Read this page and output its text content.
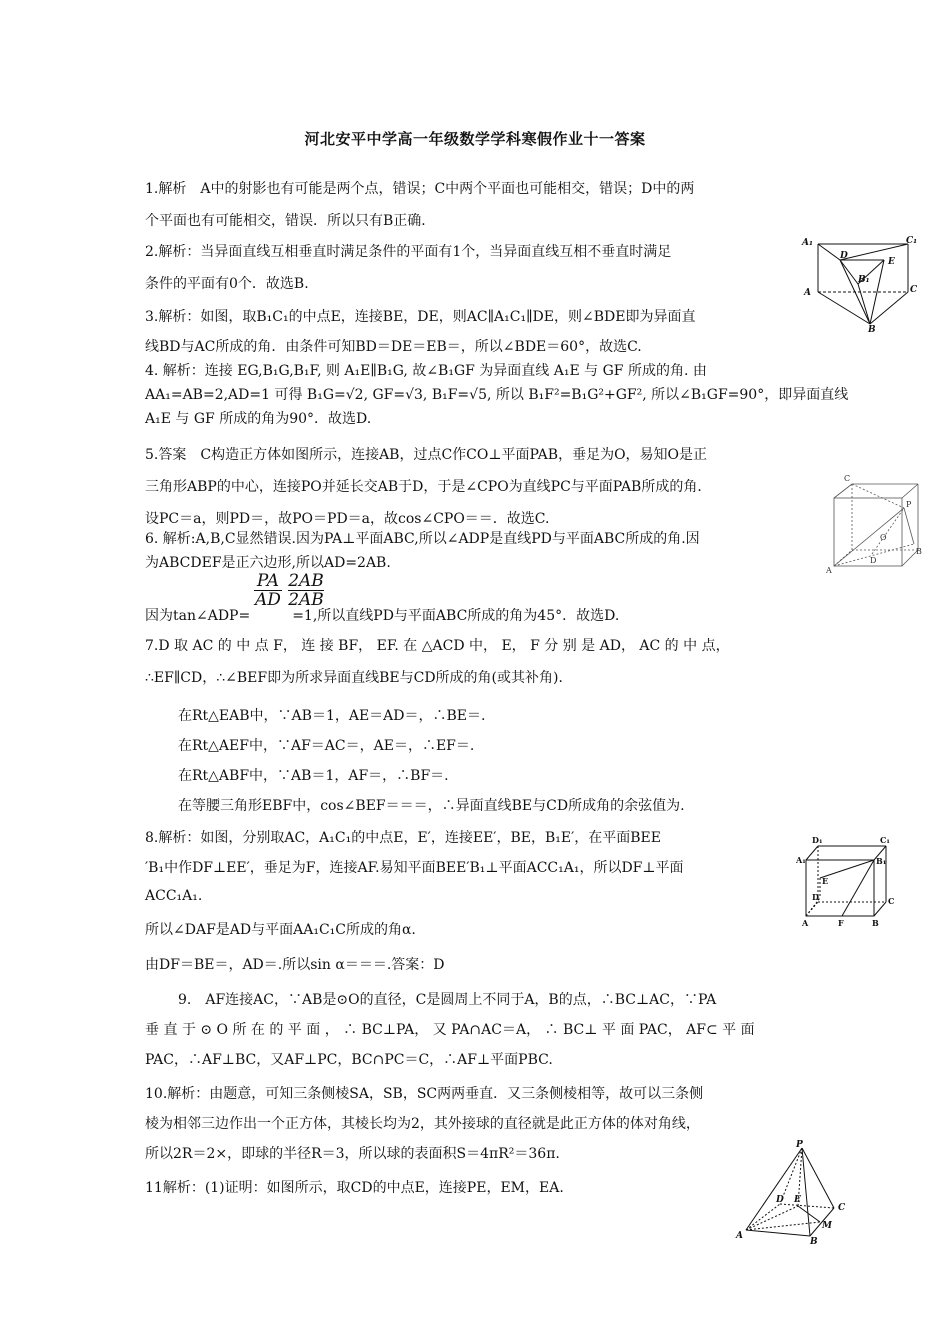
河北安平中学高一年级数学学科寒假作业十一答案
1.解析　A中的射影也有可能是两个点，错误；C中两个平面也可能相交，错误；D中的两
个平面也有可能相交，错误．所以只有B正确．
2.解析：当异面直线互相垂直时满足条件的平面有1个，当异面直线互相不垂直时满足
条件的平面有0个．故选B.
3.解析：如图，取B₁C₁的中点E，连接BE，DE，则AC∥A₁C₁∥DE，则∠BDE即为异面直
线BD与AC所成的角．由条件可知BD＝DE＝EB＝，所以∠BDE＝60°，故选C.
4. 解析：连接 EG,B₁G,B₁F, 则 A₁E∥B₁G, 故∠B₁GF 为异面直线 A₁E 与 GF 所成的角. 由
AA₁=AB=2,AD=1 可得 B₁G=√2, GF=√3, B₁F=√5, 所以 B₁F²=B₁G²+GF², 所以∠B₁GF=90°，即异面直线
A₁E 与 GF 所成的角为90°．故选D.
5.答案　C构造正方体如图所示，连接AB，过点C作CO⊥平面PAB，垂足为O，易知O是正
三角形ABP的中心，连接PO并延长交AB于D，于是∠CPO为直线PC与平面PAB所成的角．
设PC＝a，则PD＝，故PO＝PD＝a，故cos∠CPO＝＝．故选C.
6. 解析:A,B,C显然错误.因为PA⊥平面ABC,所以∠ADP是直线PD与平面ABC所成的角.因
为ABCDEF是正六边形,所以AD=2AB.
因为tan∠ADP=　　　=1,所以直线PD与平面ABC所成的角为45°．故选D.
7.D 取 AC 的 中 点 F， 连 接 BF， EF. 在 △ACD 中， E， F 分 别 是 AD， AC 的 中 点，
∴EF∥CD，∴∠BEF即为所求异面直线BE与CD所成的角(或其补角)．
在Rt△EAB中，∵AB＝1，AE＝AD＝，∴BE＝.
在Rt△AEF中，∵AF＝AC＝，AE＝，∴EF＝.
在Rt△ABF中，∵AB＝1，AF＝，∴BF＝.
在等腰三角形EBF中，cos∠BEF＝＝＝，∴异面直线BE与CD所成角的余弦值为.
8.解析：如图，分别取AC，A₁C₁的中点E，E′，连接EE′，BE，B₁E′，在平面BEE
′B₁中作DF⊥EE′，垂足为F，连接AF.易知平面BEE′B₁⊥平面ACC₁A₁，所以DF⊥平面
ACC₁A₁.
所以∠DAF是AD与平面AA₁C₁C所成的角α.
由DF＝BE＝，AD＝.所以sin α＝＝＝.答案：D
9.　AF连接AC，∵AB是⊙O的直径，C是圆周上不同于A，B的点，∴BC⊥AC，∵PA
垂 直 于 ⊙ O 所 在 的 平 面 ， ∴ BC⊥PA， 又 PA∩AC＝A， ∴ BC⊥ 平 面 PAC， AF⊂ 平 面
PAC，∴AF⊥BC，又AF⊥PC，BC∩PC＝C，∴AF⊥平面PBC.
10.解析：由题意，可知三条侧棱SA，SB，SC两两垂直．又三条侧棱相等，故可以三条侧
棱为相邻三边作出一个正方体，其棱长均为2，其外接球的直径就是此正方体的体对角线，
所以2R＝2×，即球的半径R＝3，所以球的表面积S＝4πR²＝36π.
11解析：(1)证明：如图所示，取CD的中点E，连接PE，EM，EA.
$\frac{PA}{AD} \frac{2AB}{2AB}$
A₁	C₁
D
E
B₁
A	C
B
C
P
O
B
A
D
D₁	C₁
A₁	B₁
E
D	C
A	F	B
P
D E
C
M
A
B
